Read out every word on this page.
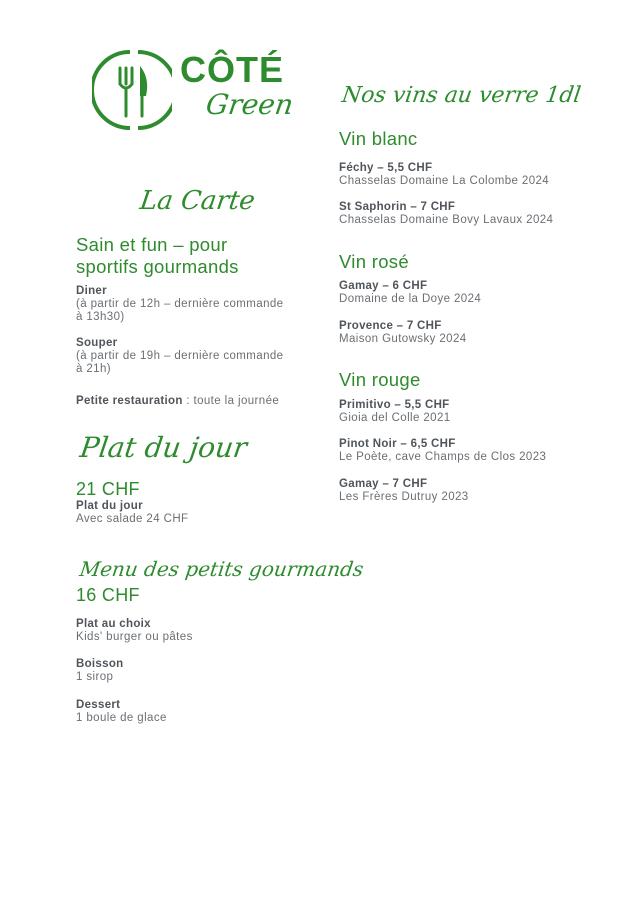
CÔTÉ
Green
La Carte
Sain et fun – pour
sportifs gourmands
Diner
(à partir de 12h – dernière commande
à 13h30)
Souper
(à partir de 19h – dernière commande
à 21h)
Petite restauration : toute la journée
Plat du jour
21 CHF
Plat du jour
Avec salade 24 CHF
Menu des petits gourmands
16 CHF
Plat au choix
Kids' burger ou pâtes
Boisson
1 sirop
Dessert
1 boule de glace
Nos vins au verre 1dl
Vin blanc
Féchy – 5,5 CHF
Chasselas Domaine La Colombe 2024
St Saphorin – 7 CHF
Chasselas Domaine Bovy Lavaux 2024
Vin rosé
Gamay – 6 CHF
Domaine de la Doye 2024
Provence – 7 CHF
Maison Gutowsky 2024
Vin rouge
Primitivo – 5,5 CHF
Gioia del Colle 2021
Pinot Noir – 6,5 CHF
Le Poète, cave Champs de Clos 2023
Gamay – 7 CHF
Les Frères Dutruy 2023
